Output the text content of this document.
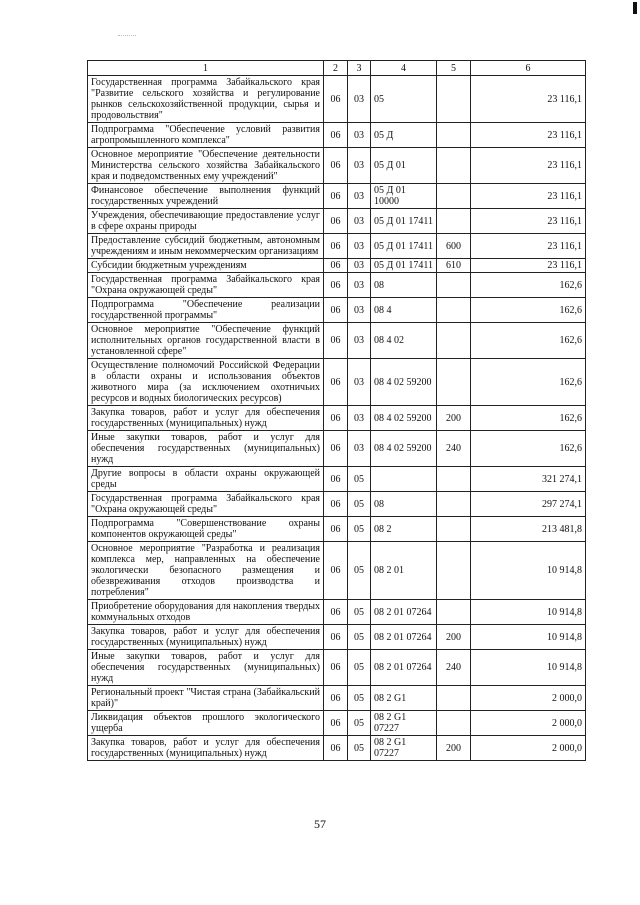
1	2	3	4	5	6
Государственная программа Забайкальского края "Развитие сельского хозяйства и регулирование рынков сельскохозяйственной продукции, сырья и продовольствия"	06	03	05		23 116,1
Подпрограмма "Обеспечение условий развития агропромышленного комплекса"	06	03	05 Д		23 116,1
Основное мероприятие "Обеспечение деятельности Министерства сельского хозяйства Забайкальского края и подведомственных ему учреждений"	06	03	05 Д 01		23 116,1
Финансовое обеспечение выполнения функций государственных учреждений	06	03	05 Д 01 10000		23 116,1
Учреждения, обеспечивающие предоставление услуг в сфере охраны природы	06	03	05 Д 01 17411		23 116,1
Предоставление субсидий бюджетным, автономным учреждениям и иным некоммерческим организациям	06	03	05 Д 01 17411	600	23 116,1
Субсидии бюджетным учреждениям	06	03	05 Д 01 17411	610	23 116,1
Государственная программа Забайкальского края "Охрана окружающей среды"	06	03	08		162,6
Подпрограмма "Обеспечение реализации государственной программы"	06	03	08 4		162,6
Основное мероприятие "Обеспечение функций исполнительных органов государственной власти в установленной сфере"	06	03	08 4 02		162,6
Осуществление полномочий Российской Федерации в области охраны и использования объектов животного мира (за исключением охотничьих ресурсов и водных биологических ресурсов)	06	03	08 4 02 59200		162,6
Закупка товаров, работ и услуг для обеспечения государственных (муниципальных) нужд	06	03	08 4 02 59200	200	162,6
Иные закупки товаров, работ и услуг для обеспечения государственных (муниципальных) нужд	06	03	08 4 02 59200	240	162,6
Другие вопросы в области охраны окружающей среды	06	05			321 274,1
Государственная программа Забайкальского края "Охрана окружающей среды"	06	05	08		297 274,1
Подпрограмма "Совершенствование охраны компонентов окружающей среды"	06	05	08 2		213 481,8
Основное мероприятие "Разработка и реализация комплекса мер, направленных на обеспечение экологически безопасного размещения и обезвреживания отходов производства и потребления"	06	05	08 2 01		10 914,8
Приобретение оборудования для накопления твердых коммунальных отходов	06	05	08 2 01 07264		10 914,8
Закупка товаров, работ и услуг для обеспечения государственных (муниципальных) нужд	06	05	08 2 01 07264	200	10 914,8
Иные закупки товаров, работ и услуг для обеспечения государственных (муниципальных) нужд	06	05	08 2 01 07264	240	10 914,8
Региональный проект "Чистая страна (Забайкальский край)"	06	05	08 2 G1		2 000,0
Ликвидация объектов прошлого экологического ущерба	06	05	08 2 G1 07227		2 000,0
Закупка товаров, работ и услуг для обеспечения государственных (муниципальных) нужд	06	05	08 2 G1 07227	200	2 000,0
57
